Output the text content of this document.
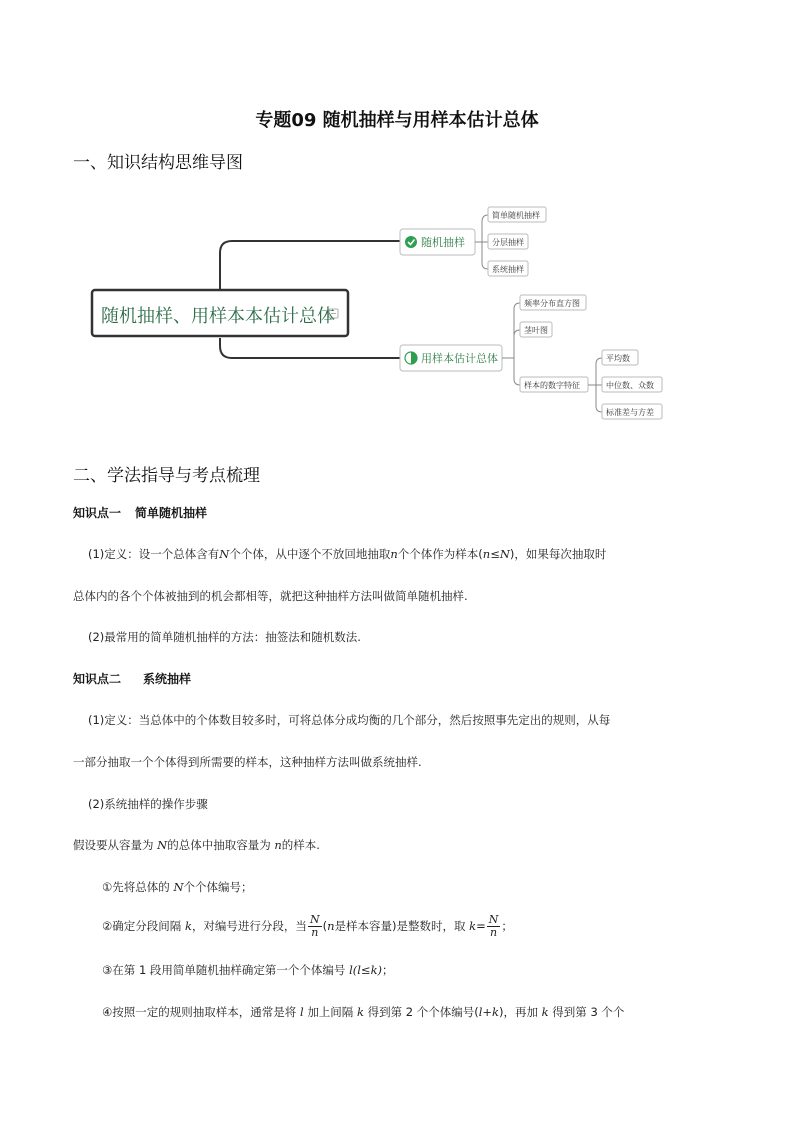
专题09 随机抽样与用样本估计总体
一、知识结构思维导图
随机抽样、用样本本估计总体
随机抽样
简单随机抽样
分层抽样
系统抽样
用样本估计总体
频率分布直方图
茎叶图
样本的数字特征
平均数
中位数、众数
标准差与方差
二、学法指导与考点梳理
知识点一 简单随机抽样
(1)定义：设一个总体含有N个个体，从中逐个不放回地抽取n个个体作为样本(n≤N)，如果每次抽取时
总体内的各个个体被抽到的机会都相等，就把这种抽样方法叫做简单随机抽样.
(2)最常用的简单随机抽样的方法：抽签法和随机数法.
知识点二 系统抽样
(1)定义：当总体中的个体数目较多时，可将总体分成均衡的几个部分，然后按照事先定出的规则，从每
一部分抽取一个个体得到所需要的样本，这种抽样方法叫做系统抽样.
(2)系统抽样的操作步骤
假设要从容量为 N的总体中抽取容量为 n的样本.
①先将总体的 N个个体编号；
②确定分段间隔 k，对编号进行分段，当 $\frac{N}{n} (n$是样本容量)是整数时，取 $k= \frac{N}{n}$ ；
③在第 1 段用简单随机抽样确定第一个个体编号 l(l≤k)；
④按照一定的规则抽取样本，通常是将 l 加上间隔 k 得到第 2 个个体编号(l+k)，再加 k 得到第 3 个个
